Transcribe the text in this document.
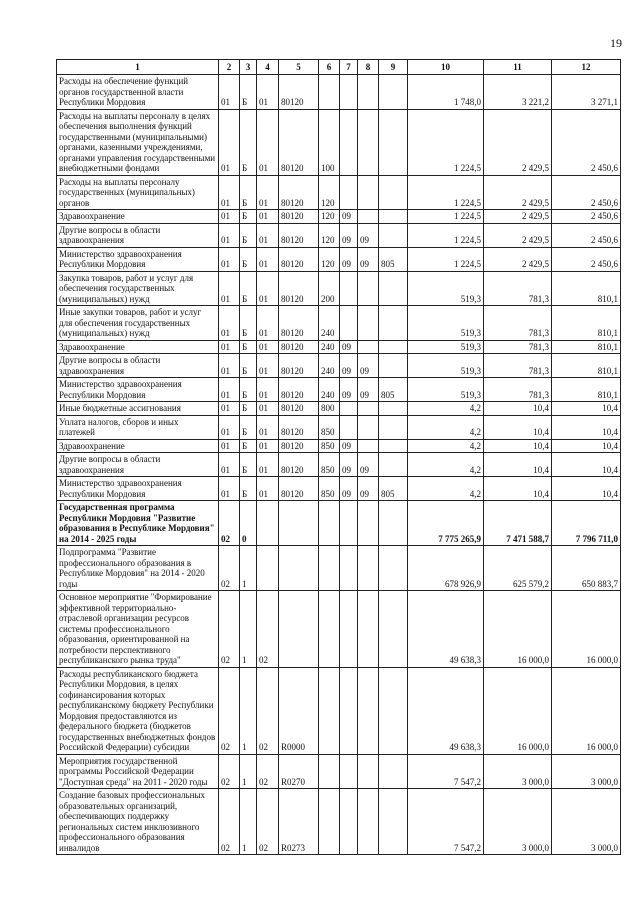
19
1	2	3	4	5	6	7	8	9	10	11	12
Расходы на обеспечение функций органов государственной власти Республики Мордовия	01	Б	01	80120					1 748,0	3 221,2	3 271,1
Расходы на выплаты персоналу в целях обеспечения выполнения функций государственными (муниципальными) органами, казенными учреждениями, органами управления государственными внебюджетными фондами	01	Б	01	80120	100				1 224,5	2 429,5	2 450,6
Расходы на выплаты персоналу государственных (муниципальных) органов	01	Б	01	80120	120				1 224,5	2 429,5	2 450,6
Здравоохранение	01	Б	01	80120	120	09			1 224,5	2 429,5	2 450,6
Другие вопросы в области здравоохранения	01	Б	01	80120	120	09	09		1 224,5	2 429,5	2 450,6
Министерство здравоохранения Республики Мордовия	01	Б	01	80120	120	09	09	805	1 224,5	2 429,5	2 450,6
Закупка товаров, работ и услуг для обеспечения государственных (муниципальных) нужд	01	Б	01	80120	200				519,3	781,3	810,1
Иные закупки товаров, работ и услуг для обеспечения государственных (муниципальных) нужд	01	Б	01	80120	240				519,3	781,3	810,1
Здравоохранение	01	Б	01	80120	240	09			519,3	781,3	810,1
Другие вопросы в области здравоохранения	01	Б	01	80120	240	09	09		519,3	781,3	810,1
Министерство здравоохранения Республики Мордовия	01	Б	01	80120	240	09	09	805	519,3	781,3	810,1
Иные бюджетные ассигнования	01	Б	01	80120	800				4,2	10,4	10,4
Уплата налогов, сборов и иных платежей	01	Б	01	80120	850				4,2	10,4	10,4
Здравоохранение	01	Б	01	80120	850	09			4,2	10,4	10,4
Другие вопросы в области здравоохранения	01	Б	01	80120	850	09	09		4,2	10,4	10,4
Министерство здравоохранения Республики Мордовия	01	Б	01	80120	850	09	09	805	4,2	10,4	10,4
Государственная программа Республики Мордовия "Развитие образования в Республике Мордовия" на 2014 - 2025 годы	02	0							7 775 265,9	7 471 588,7	7 796 711,0
Подпрограмма "Развитие профессионального образования в Республике Мордовия" на 2014 - 2020 годы	02	1							678 926,9	625 579,2	650 883,7
Основное мероприятие "Формирование эффективной территориально-отраслевой организации ресурсов системы профессионального образования, ориентированной на потребности перспективного республиканского рынка труда"	02	1	02						49 638,3	16 000,0	16 000,0
Расходы республиканского бюджета Республики Мордовия, в целях софинансирования которых республиканскому бюджету Республики Мордовия предоставляются из федерального бюджета (бюджетов государственных внебюджетных фондов Российской Федерации) субсидии	02	1	02	R0000					49 638,3	16 000,0	16 000,0
Мероприятия государственной программы Российской Федерации "Доступная среда" на 2011 - 2020 годы	02	1	02	R0270					7 547,2	3 000,0	3 000,0
Создание базовых профессиональных образовательных организаций, обеспечивающих поддержку региональных систем инклюзивного профессионального образования инвалидов	02	1	02	R0273					7 547,2	3 000,0	3 000,0
